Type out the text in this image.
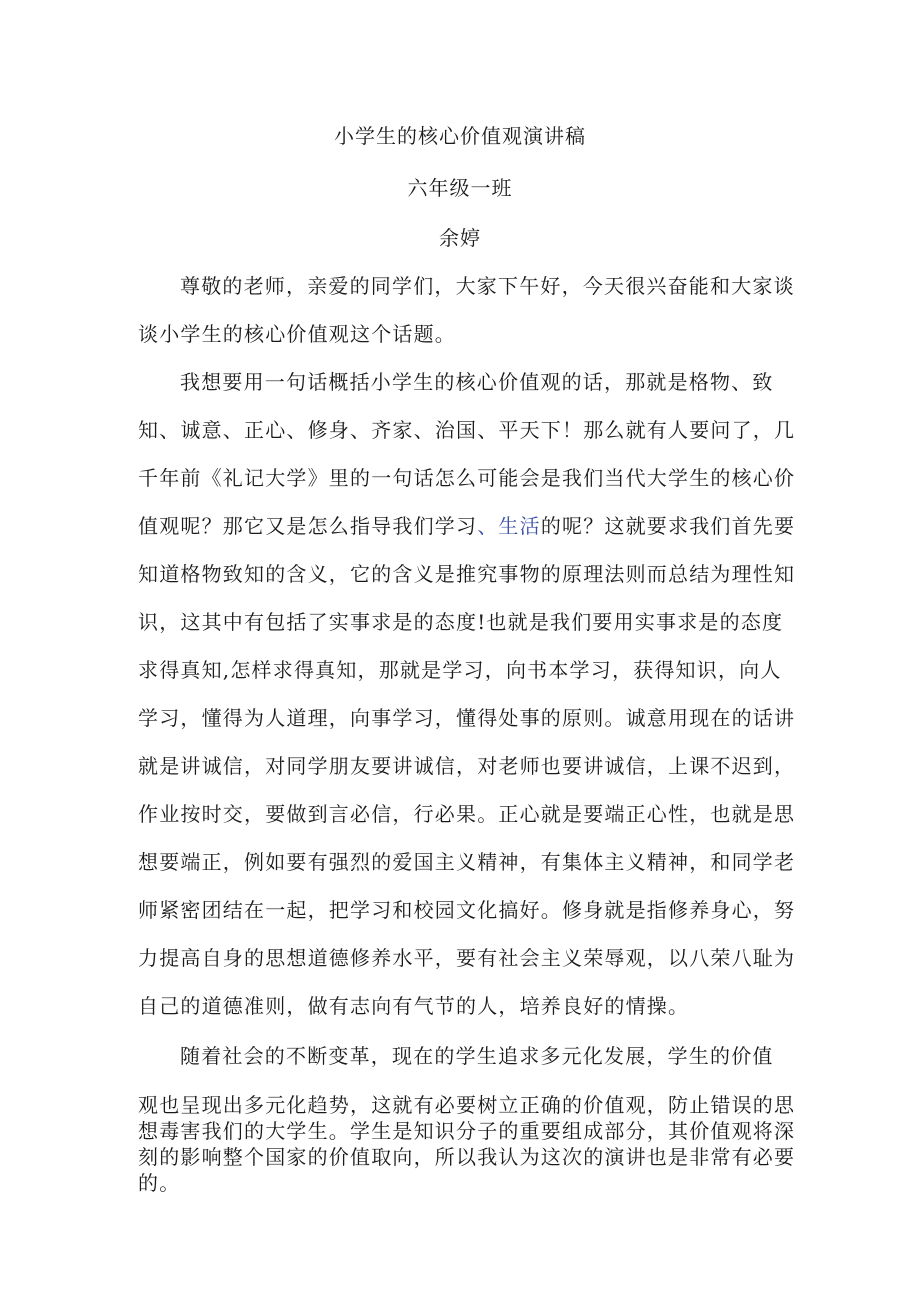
小学生的核心价值观演讲稿
六年级一班
余婷

尊敬的老师，亲爱的同学们，大家下午好，今天很兴奋能和大家谈谈小学生的核心价值观这个话题。

我想要用一句话概括小学生的核心价值观的话，那就是格物、致知、诚意、正心、修身、齐家、治国、平天下！那么就有人要问了，几千年前《礼记大学》里的一句话怎么可能会是我们当代大学生的核心价值观呢？那它又是怎么指导我们学习、生活的呢？这就要求我们首先要知道格物致知的含义，它的含义是推究事物的原理法则而总结为理性知识，这其中有包括了实事求是的态度!也就是我们要用实事求是的态度求得真知,怎样求得真知，那就是学习，向书本学习，获得知识，向人学习，懂得为人道理，向事学习，懂得处事的原则。诚意用现在的话讲就是讲诚信，对同学朋友要讲诚信，对老师也要讲诚信，上课不迟到，作业按时交，要做到言必信，行必果。正心就是要端正心性，也就是思想要端正，例如要有强烈的爱国主义精神，有集体主义精神，和同学老师紧密团结在一起，把学习和校园文化搞好。修身就是指修养身心，努力提高自身的思想道德修养水平，要有社会主义荣辱观，以八荣八耻为自己的道德准则，做有志向有气节的人，培养良好的情操。

随着社会的不断变革，现在的学生追求多元化发展，学生的价值

观也呈现出多元化趋势，这就有必要树立正确的价值观，防止错误的思想毒害我们的大学生。学生是知识分子的重要组成部分，其价值观将深刻的影响整个国家的价值取向，所以我认为这次的演讲也是非常有必要的。
